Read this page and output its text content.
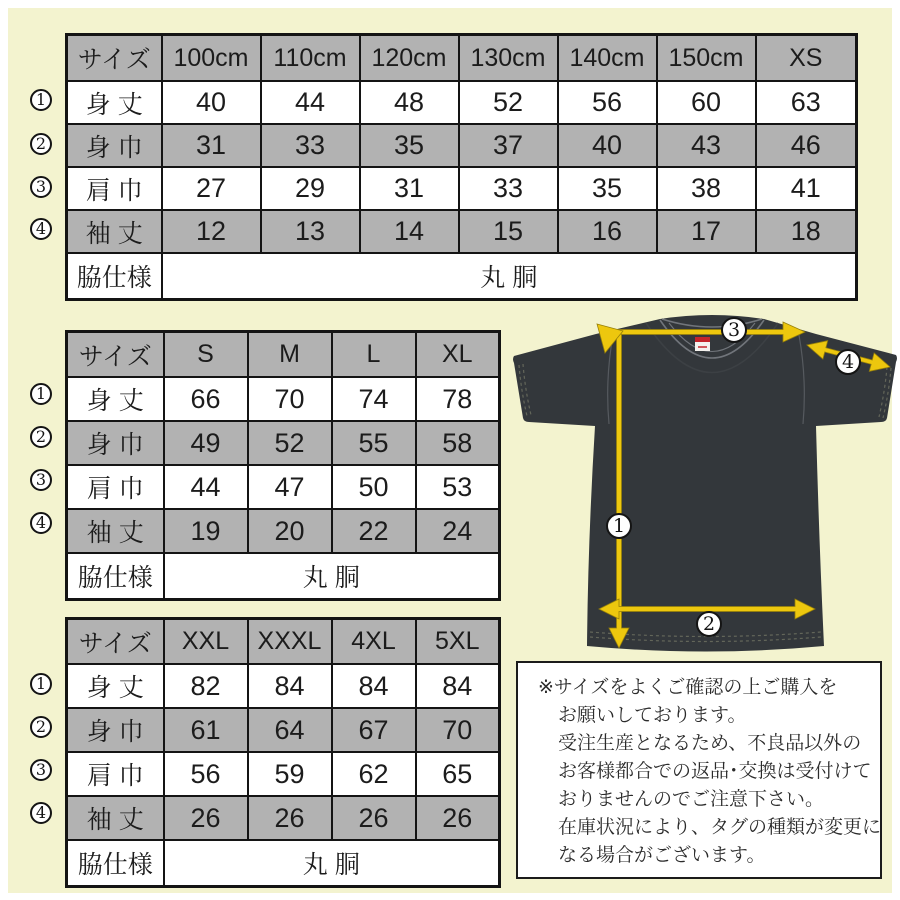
1
2
3
4
サイズ	100cm	110cm	120cm	130cm	140cm	150cm	XS
身 丈	40	44	48	52	56	60	63
身 巾	31	33	35	37	40	43	46
肩 巾	27	29	31	33	35	38	41
袖 丈	12	13	14	15	16	17	18
脇仕様	丸 胴						
1
2
3
4
サイズ	S	M	L	XL
身 丈	66	70	74	78
身 巾	49	52	55	58
肩 巾	44	47	50	53
袖 丈	19	20	22	24
脇仕様	丸 胴			
1
2
3
4
サイズ	XXL	XXXL	4XL	5XL
身 丈	82	84	84	84
身 巾	61	64	67	70
肩 巾	56	59	62	65
袖 丈	26	26	26	26
脇仕様	丸 胴			
1
2
3
4

※サイズをよくご確認の上ご購入を

お願いしております。

受注生産となるため、不良品以外の

お客様都合での返品･交換は受付けて

おりませんのでご注意下さい。

在庫状況により、タグの種類が変更に

なる場合がございます。
